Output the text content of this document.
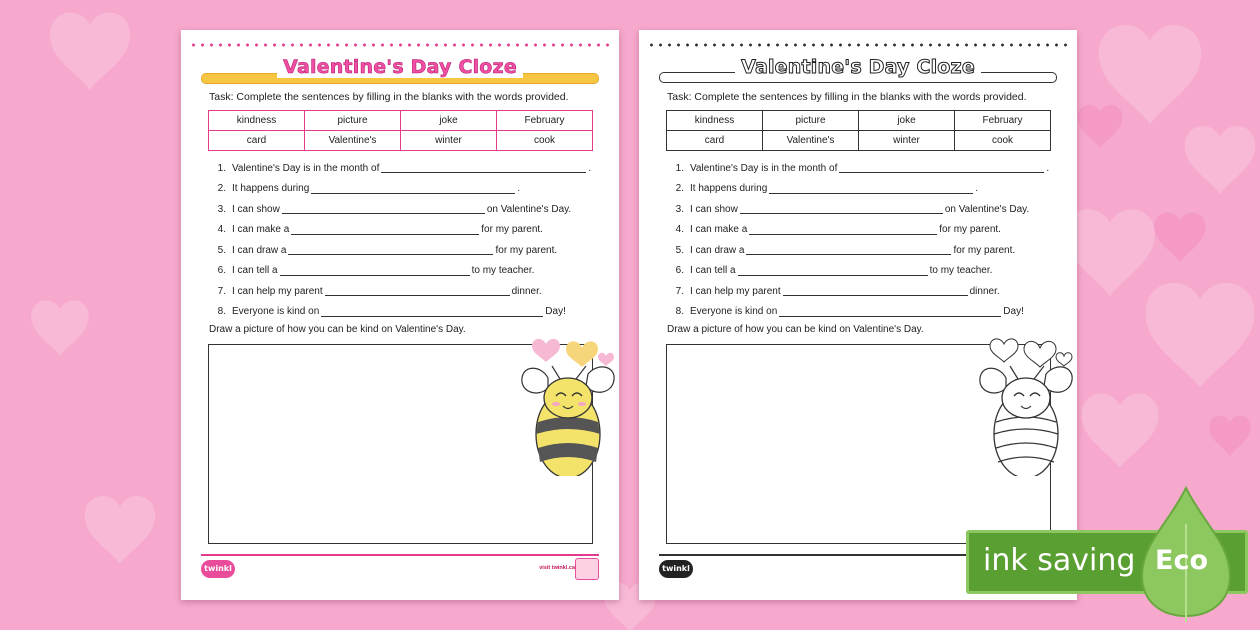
Valentine's Day Cloze
Task: Complete the sentences by filling in the blanks with the words provided.
kindness	picture	joke	February
card	Valentine's	winter	cook
1. Valentine's Day is in the month of	.
2. It happens during	.
3. I can show	on Valentine's Day.
4. I can make a	for my parent.
5. I can draw a	for my parent.
6. I can tell a	to my teacher.
7. I can help my parent	dinner.
8. Everyone is kind on	Day!
Draw a picture of how you can be kind on Valentine's Day.
twinkl	visit twinkl.ca
Valentine's Day Cloze
Task: Complete the sentences by filling in the blanks with the words provided.
kindness	picture	joke	February
card	Valentine's	winter	cook
1. Valentine's Day is in the month of	.
2. It happens during	.
3. I can show	on Valentine's Day.
4. I can make a	for my parent.
5. I can draw a	for my parent.
6. I can tell a	to my teacher.
7. I can help my parent	dinner.
8. Everyone is kind on	Day!
Draw a picture of how you can be kind on Valentine's Day.
twinkl	ink saving Eco
